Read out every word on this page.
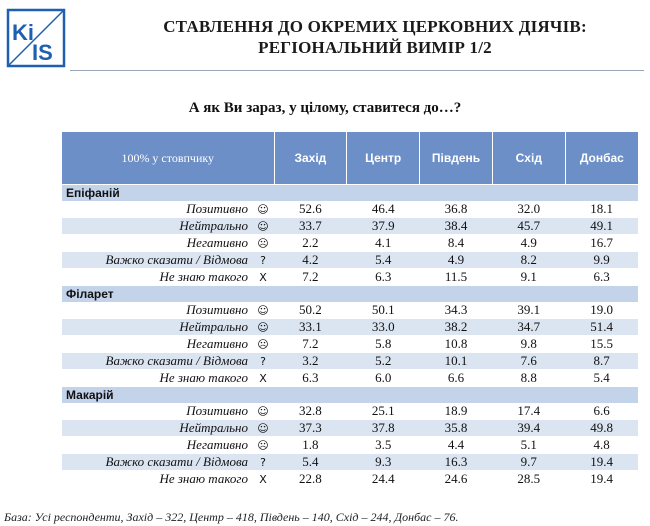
Ki
IS
СТАВЛЕННЯ ДО ОКРЕМИХ ЦЕРКОВНИХ ДІЯЧІВ:
РЕГІОНАЛЬНИЙ ВИМІР 1/2
А як Ви зараз, у цілому, ставитеся до…?
100% у стовпчику		Захід	Центр	Південь	Схід	Донбас
Епіфаній						
Позитивно	☺	52.6	46.4	36.8	32.0	18.1
Нейтрально	☺	33.7	37.9	38.4	45.7	49.1
Негативно	☹	2.2	4.1	8.4	4.9	16.7
Важко сказати / Відмова	?	4.2	5.4	4.9	8.2	9.9
Не знаю такого	X	7.2	6.3	11.5	9.1	6.3
Філарет						
Позитивно	☺	50.2	50.1	34.3	39.1	19.0
Нейтрально	☺	33.1	33.0	38.2	34.7	51.4
Негативно	☹	7.2	5.8	10.8	9.8	15.5
Важко сказати / Відмова	?	3.2	5.2	10.1	7.6	8.7
Не знаю такого	X	6.3	6.0	6.6	8.8	5.4
Макарій						
Позитивно	☺	32.8	25.1	18.9	17.4	6.6
Нейтрально	☺	37.3	37.8	35.8	39.4	49.8
Негативно	☹	1.8	3.5	4.4	5.1	4.8
Важко сказати / Відмова	?	5.4	9.3	16.3	9.7	19.4
Не знаю такого	X	22.8	24.4	24.6	28.5	19.4
База: Усі респонденти, Захід – 322, Центр – 418, Південь – 140, Схід – 244, Донбас – 76.
